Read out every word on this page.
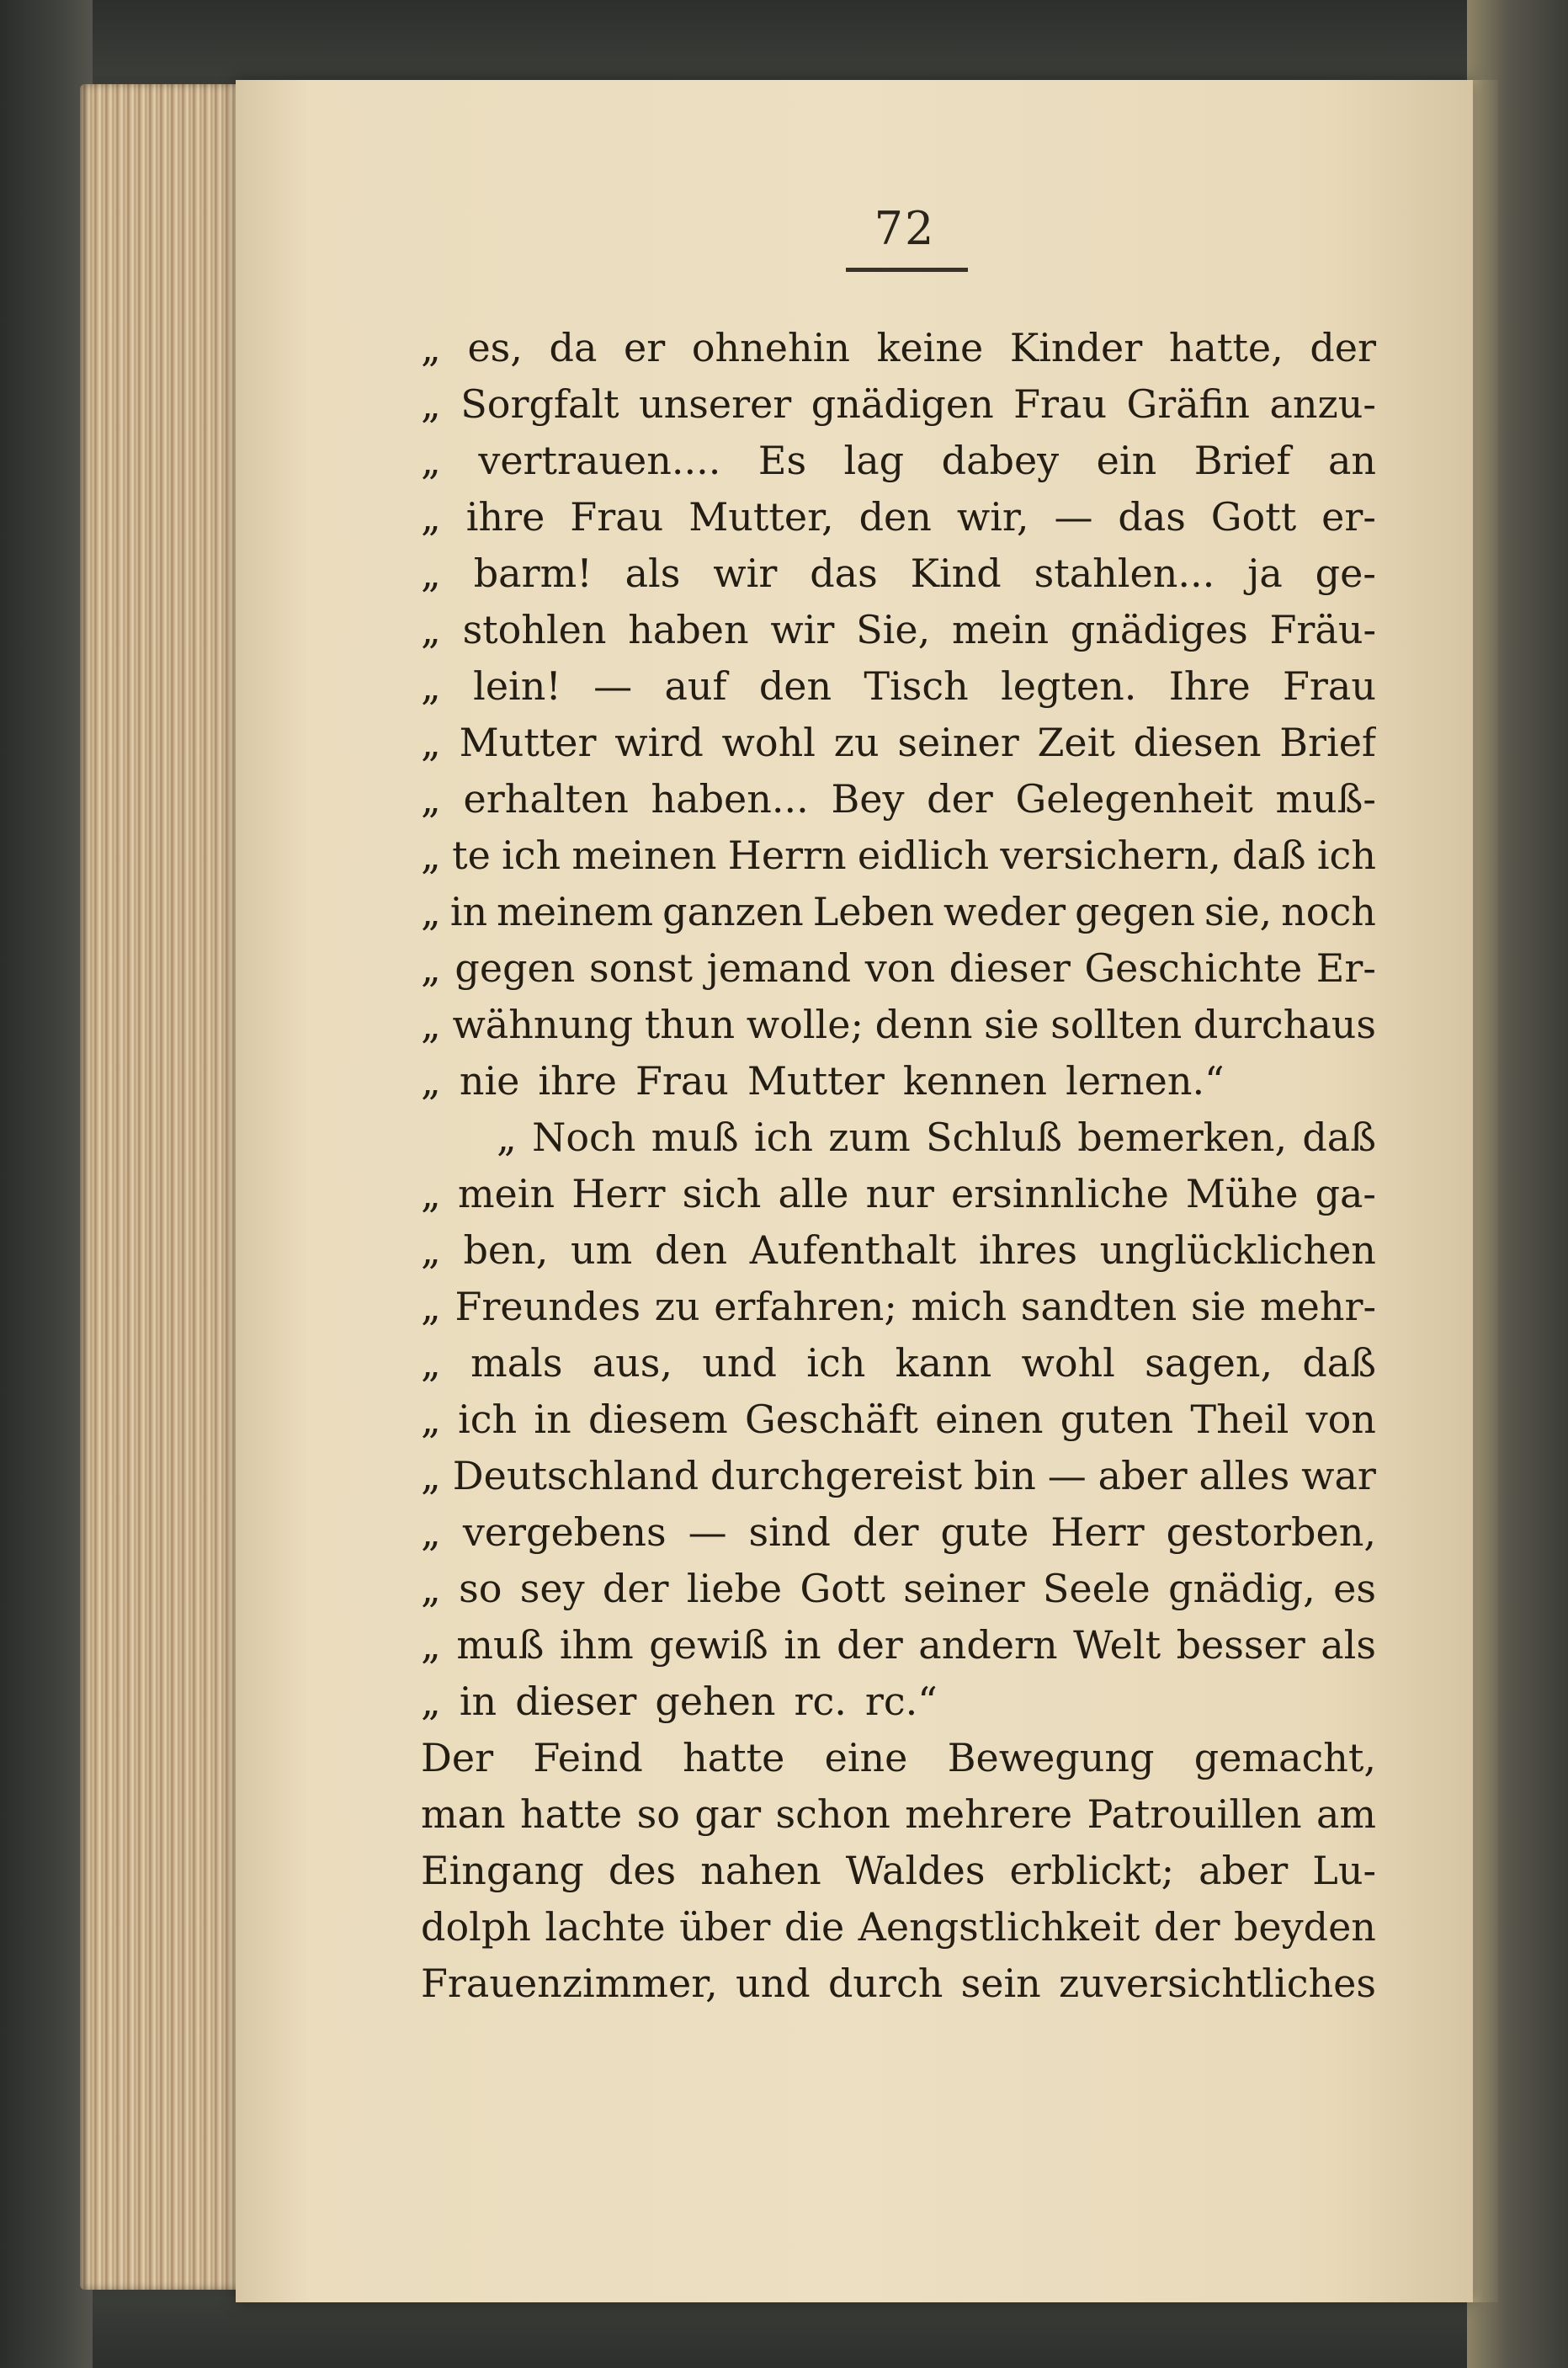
72
„ es, da er ohnehin keine Kinder hatte, der
„ Sorgfalt unserer gnädigen Frau Gräfin anzu-
„ vertrauen.... Es lag dabey ein Brief an
„ ihre Frau Mutter, den wir, — das Gott er-
„ barm! als wir das Kind stahlen... ja ge-
„ stohlen haben wir Sie, mein gnädiges Fräu-
„ lein! — auf den Tisch legten. Ihre Frau
„ Mutter wird wohl zu seiner Zeit diesen Brief
„ erhalten haben... Bey der Gelegenheit muß-
„ te ich meinen Herrn eidlich versichern, daß ich
„ in meinem ganzen Leben weder gegen sie, noch
„ gegen sonst jemand von dieser Geschichte Er-
„ wähnung thun wolle; denn sie sollten durchaus
„ nie ihre Frau Mutter kennen lernen.“
„ Noch muß ich zum Schluß bemerken, daß
„ mein Herr sich alle nur ersinnliche Mühe ga-
„ ben, um den Aufenthalt ihres unglücklichen
„ Freundes zu erfahren; mich sandten sie mehr-
„ mals aus, und ich kann wohl sagen, daß
„ ich in diesem Geschäft einen guten Theil von
„ Deutschland durchgereist bin — aber alles war
„ vergebens — sind der gute Herr gestorben,
„ so sey der liebe Gott seiner Seele gnädig, es
„ muß ihm gewiß in der andern Welt besser als
„ in dieser gehen rc. rc.“
Der Feind hatte eine Bewegung gemacht,
man hatte so gar schon mehrere Patrouillen am
Eingang des nahen Waldes erblickt; aber Lu-
dolph lachte über die Aengstlichkeit der beyden
Frauenzimmer, und durch sein zuversichtliches
